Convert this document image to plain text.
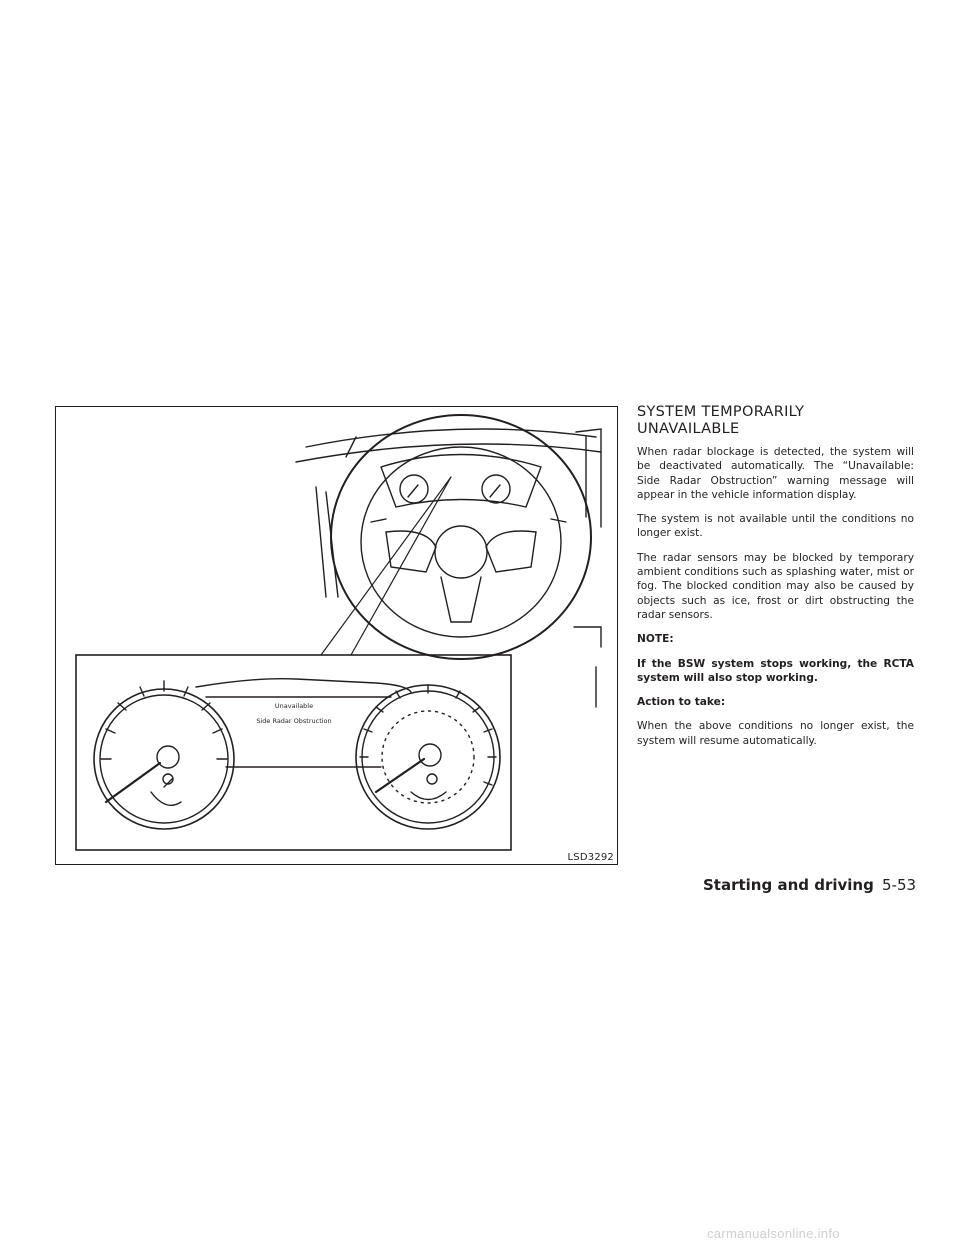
Unavailable
Side Radar Obstruction
LSD3292
SYSTEM TEMPORARILY
UNAVAILABLE

When radar blockage is detected, the system will be deactivated automatically. The “Unavailable: Side Radar Obstruction” warning message will appear in the vehicle information display.

The system is not available until the conditions no longer exist.

The radar sensors may be blocked by temporary ambient conditions such as splashing water, mist or fog. The blocked condition may also be caused by objects such as ice, frost or dirt obstructing the radar sensors.

NOTE:

If the BSW system stops working, the RCTA system will also stop working.

Action to take:

When the above conditions no longer exist, the system will resume automatically.

Starting and driving 5-53
carmanualsonline.info
